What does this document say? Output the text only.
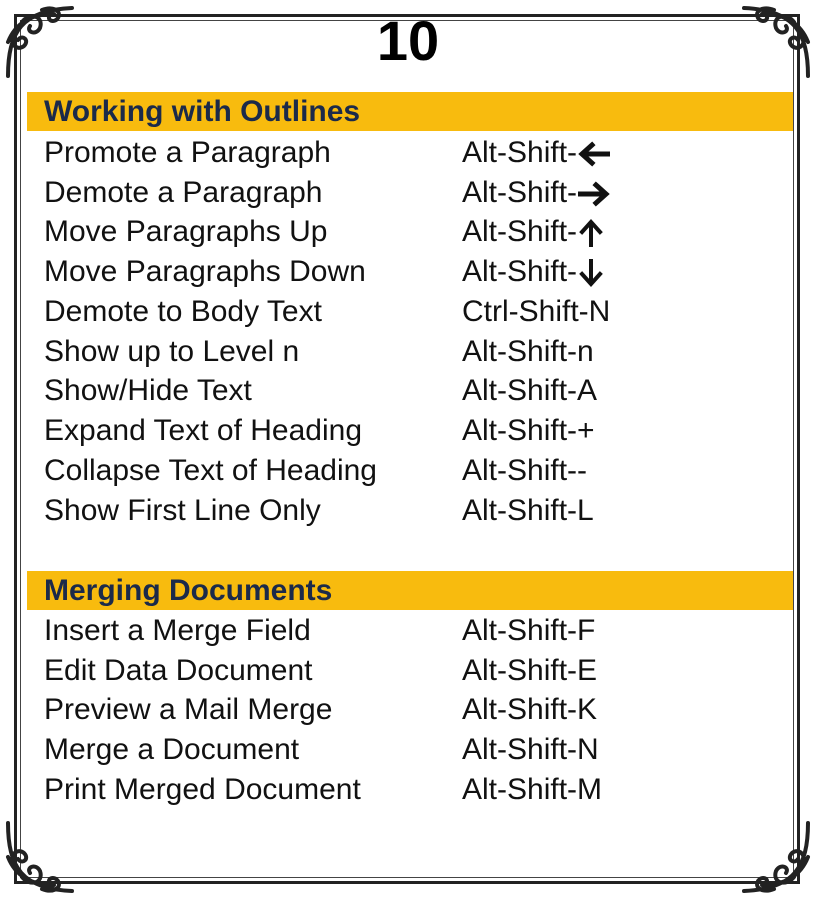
10
Working with Outlines
Promote a Paragraph	Alt-Shift-
Demote a Paragraph	Alt-Shift-
Move Paragraphs Up	Alt-Shift-
Move Paragraphs Down	Alt-Shift-
Demote to Body Text	Ctrl-Shift-N
Show up to Level n	Alt-Shift-n
Show/Hide Text	Alt-Shift-A
Expand Text of Heading	Alt-Shift-+
Collapse Text of Heading	Alt-Shift--
Show First Line Only	Alt-Shift-L
Merging Documents
Insert a Merge Field	Alt-Shift-F
Edit Data Document	Alt-Shift-E
Preview a Mail Merge	Alt-Shift-K
Merge a Document	Alt-Shift-N
Print Merged Document	Alt-Shift-M
